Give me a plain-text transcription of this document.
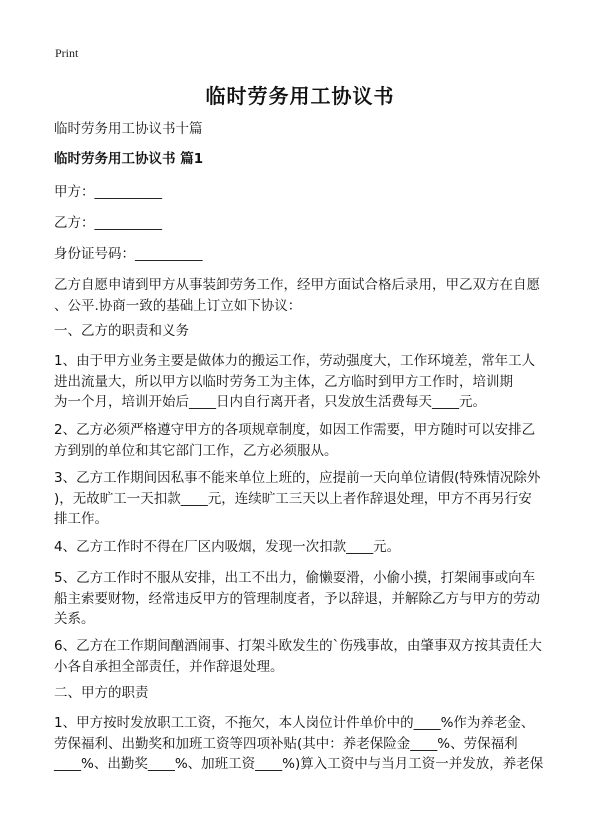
Print
临时劳务用工协议书
临时劳务用工协议书十篇
临时劳务用工协议书 篇1
甲方：__________
乙方：__________
身份证号码：__________
乙方自愿申请到甲方从事装卸劳务工作，经甲方面试合格后录用，甲乙双方在自愿
、公平.协商一致的基础上订立如下协议：
一、乙方的职责和义务
1、由于甲方业务主要是做体力的搬运工作，劳动强度大，工作环境差，常年工人
进出流量大，所以甲方以临时劳务工为主体，乙方临时到甲方工作时，培训期
为一个月，培训开始后____日内自行离开者，只发放生活费每天____元。
2、乙方必须严格遵守甲方的各项规章制度，如因工作需要，甲方随时可以安排乙
方到别的单位和其它部门工作，乙方必须服从。
3、乙方工作期间因私事不能来单位上班的，应提前一天向单位请假(特殊情况除外
)，无故旷工一天扣款____元，连续旷工三天以上者作辞退处理，甲方不再另行安
排工作。
4、乙方工作时不得在厂区内吸烟，发现一次扣款____元。
5、乙方工作时不服从安排，出工不出力，偷懒耍滑，小偷小摸，打架闹事或向车
船主索要财物，经常违反甲方的管理制度者，予以辞退，并解除乙方与甲方的劳动
关系。
6、乙方在工作期间酗酒闹事、打架斗欧发生的`伤残事故，由肇事双方按其责任大
小各自承担全部责任，并作辞退处理。
二、甲方的职责
1、甲方按时发放职工工资，不拖欠，本人岗位计件单价中的____%作为养老金、
劳保福利、出勤奖和加班工资等四项补贴(其中：养老保险金____%、劳保福利
____%、出勤奖____%、加班工资____%)算入工资中与当月工资一并发放，养老保
